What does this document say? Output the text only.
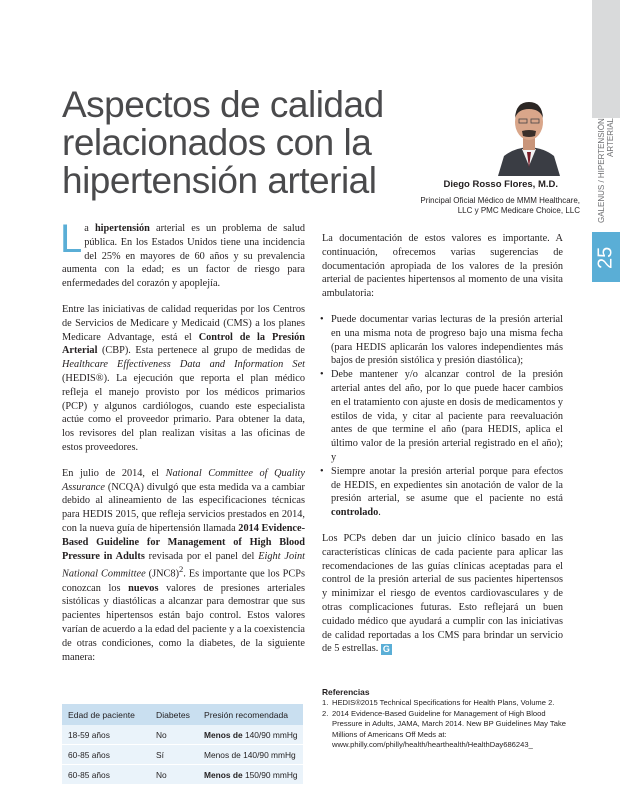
GALENUS / HIPERTENSIÓN ARTERIAL
25
Aspectos de calidad relacionados con la hipertensión arterial	Diego Rosso Flores, M.D.
Principal Oficial Médico de MMM Healthcare,
LLC y PMC Medicare Choice, LLC

La hipertensión arterial es un problema de salud pública. En los Estados Unidos tiene una incidencia del 25% en mayores de 60 años y su prevalencia aumenta con la edad; es un factor de riesgo para enfermedades del corazón y apoplejía.

Entre las iniciativas de calidad requeridas por los Centros de Servicios de Medicare y Medicaid (CMS) a los planes Medicare Advantage, está el Control de la Presión Arterial (CBP). Esta pertenece al grupo de medidas de Healthcare Effectiveness Data and Information Set (HEDIS®). La ejecución que reporta el plan médico refleja el manejo provisto por los médicos primarios (PCP) y algunos cardiólogos, cuando este especialista actúe como el proveedor primario. Para obtener la data, los revisores del plan realizan visitas a las oficinas de estos proveedores.

En julio de 2014, el National Committee of Quality Assurance (NCQA) divulgó que esta medida va a cambiar debido al alineamiento de las especificaciones técnicas para HEDIS 2015, que refleja servicios prestados en 2014, con la nueva guía de hipertensión llamada 2014 Evidence-Based Guideline for Management of High Blood Pressure in Adults revisada por el panel del Eight Joint National Committee $(JNC8)^2$. Es importante que los PCPs conozcan los nuevos valores de presiones arteriales sistólicas y diastólicas a alcanzar para demostrar que sus pacientes hipertensos están bajo control. Estos valores varían de acuerdo a la edad del paciente y a la coexistencia de otras condiciones, como la diabetes, de la siguiente manera:

La documentación de estos valores es importante. A continuación, ofrecemos varias sugerencias de documentación apropiada de los valores de la presión arterial de pacientes hipertensos al momento de una visita ambulatoria:

• Puede documentar varias lecturas de la presión arterial en una misma nota de progreso bajo una misma fecha (para HEDIS aplicarán los valores independientes más bajos de presión sistólica y presión diastólica);
• Debe mantener y/o alcanzar control de la presión arterial antes del año, por lo que puede hacer cambios en el tratamiento con ajuste en dosis de medicamentos y estilos de vida, y citar al paciente para reevaluación antes de que termine el año (para HEDIS, aplica el último valor de la presión arterial registrado en el año); y
• Siempre anotar la presión arterial porque para efectos de HEDIS, en expedientes sin anotación de valor de la presión arterial, se asume que el paciente no está controlado.

Los PCPs deben dar un juicio clínico basado en las características clínicas de cada paciente para aplicar las recomendaciones de las guías clínicas aceptadas para el control de la presión arterial de sus pacientes hipertensos y minimizar el riesgo de eventos cardiovasculares y de otras complicaciones futuras. Esto reflejará un buen cuidado médico que ayudará a cumplir con las iniciativas de calidad reportadas a los CMS para brindar un servicio de 5 estrellas. G

Edad de paciente	Diabetes	Presión recomendada
18-59 años	No	Menos de 140/90 mmHg
60-85 años	Sí	Menos de 140/90 mmHg
60-85 años	No	Menos de 150/90 mmHg
Referencias
1. HEDIS®2015 Technical Specifications for Health Plans, Volume 2.
2. 2014 Evidence-Based Guideline for Management of High Blood Pressure in Adults, JAMA, March 2014. New BP Guidelines May Take Millions of Americans Off Meds at: www.philly.com/philly/health/hearthealth/HealthDay686243_
